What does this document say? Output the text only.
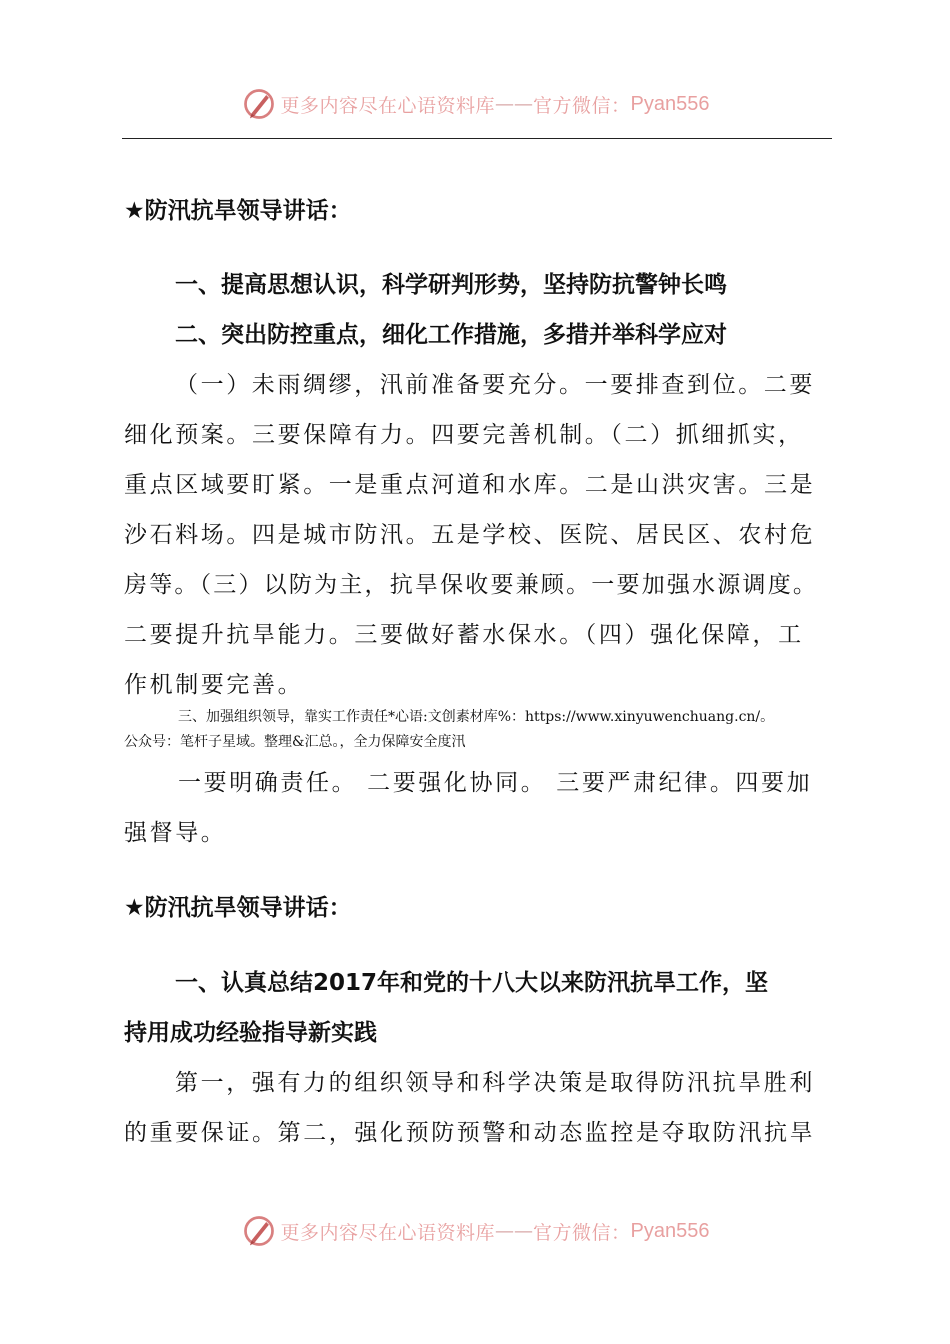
更多内容尽在心语资料库 —— 官方微信： Pyan556
★防汛抗旱领导讲话：
一、提高思想认识，科学研判形势，坚持防抗警钟长鸣
二、突出防控重点，细化工作措施，多措并举科学应对
（一）未雨绸缪，汛前准备要充分。一要排查到位。二要
细化预案。三要保障有力。四要完善机制。（二）抓细抓实，
重点区域要盯紧。一是重点河道和水库。二是山洪灾害。三是
沙石料场。四是城市防汛。五是学校、医院、居民区、农村危
房等。（三）以防为主，抗旱保收要兼顾。一要加强水源调度。
二要提升抗旱能力。三要做好蓄水保水。（四）强化保障，工
作机制要完善。
三、加强组织领导，靠实工作责任*心语:文创素材库%：https://www.xinyuwenchuang.cn/。
公众号：笔杆子星域。整理&汇总。，全力保障安全度汛
一要明确责任。 二要强化协同。 三要严肃纪律。四要加
强督导。
★防汛抗旱领导讲话：
一、认真总结2017年和党的十八大以来防汛抗旱工作，坚
持用成功经验指导新实践
第一，强有力的组织领导和科学决策是取得防汛抗旱胜利
的重要保证。第二，强化预防预警和动态监控是夺取防汛抗旱
更多内容尽在心语资料库 —— 官方微信： Pyan556
